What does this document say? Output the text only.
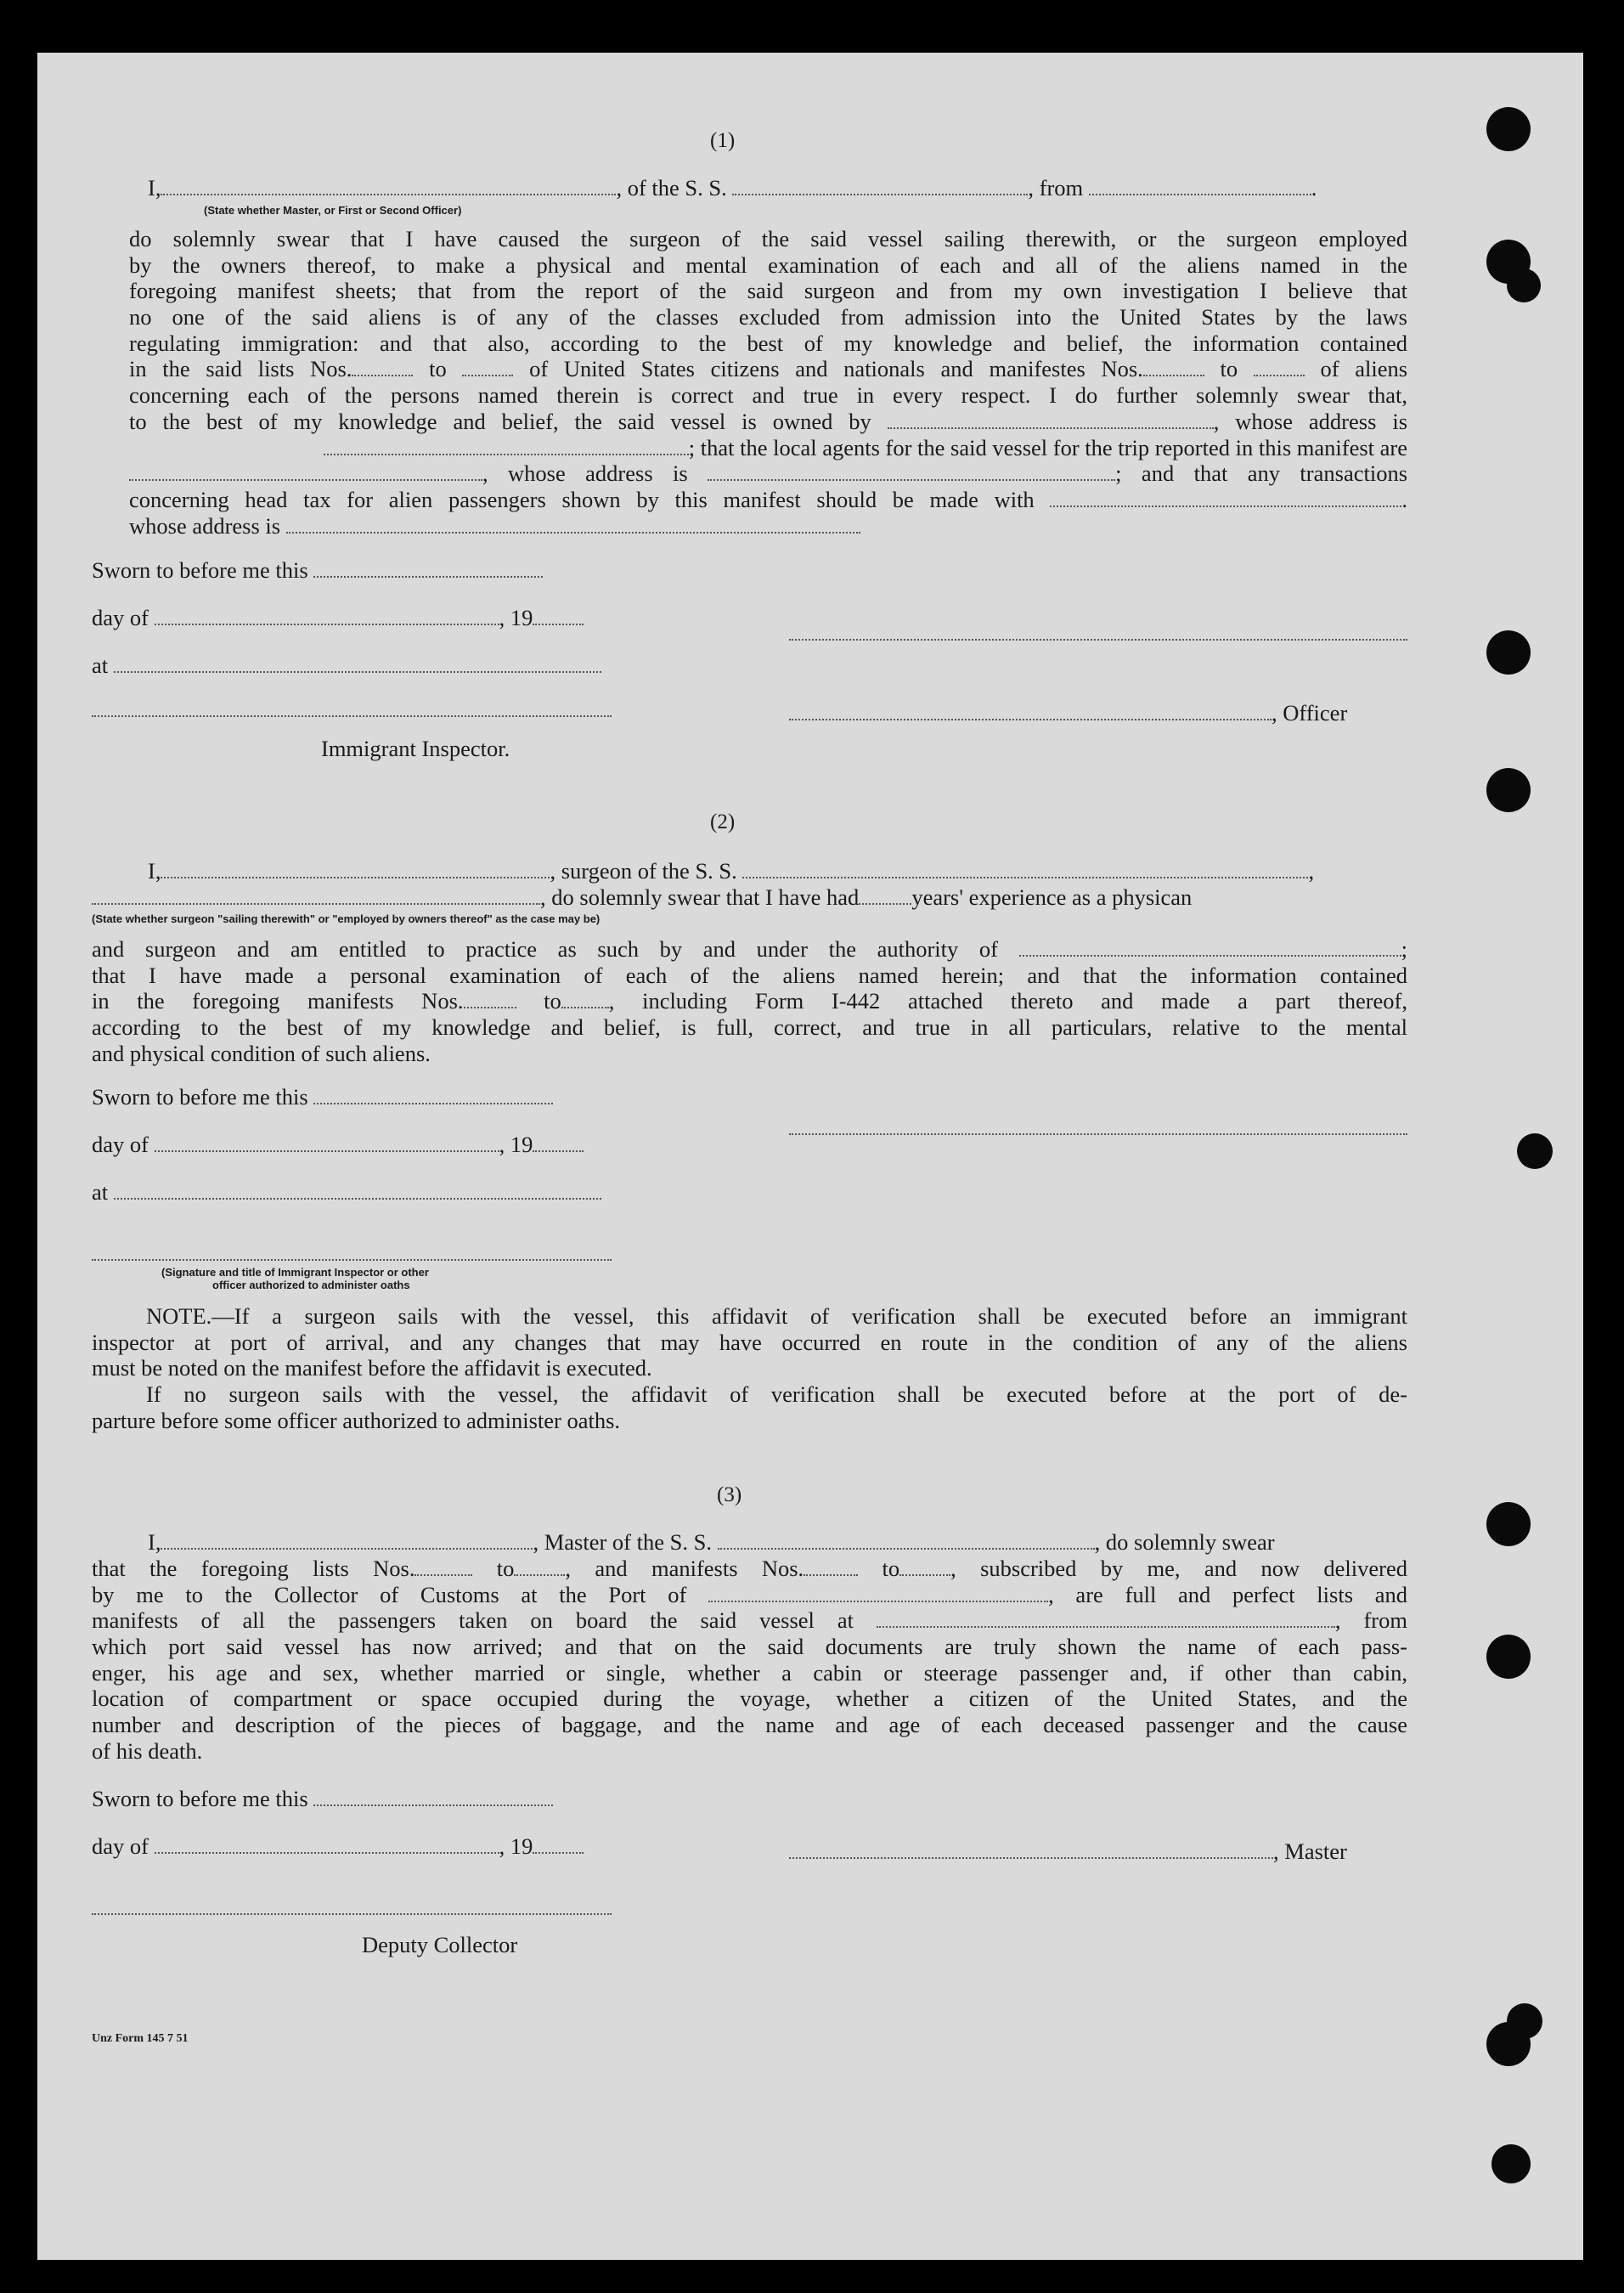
(1)
I,	, of the S. S.	, from	.
(State whether Master, or First or Second Officer)
do solemnly swear that I have caused the surgeon of the said vessel sailing therewith, or the surgeon employed
by the owners thereof, to make a physical and mental examination of each and all of the aliens named in the
foregoing manifest sheets; that from the report of the said surgeon and from my own investigation I believe that
no one of the said aliens is of any of the classes excluded from admission into the United States by the laws
regulating immigration: and that also, according to the best of my knowledge and belief, the information contained
in the said lists Nos.	to	of United States citizens and nationals and manifestes Nos.	to	of aliens
concerning each of the persons named therein is correct and true in every respect. I do further solemnly swear that,
to the best of my knowledge and belief, the said vessel is owned by	, whose address is
; that the local agents for the said vessel for the trip reported in this manifest are
, whose address is	; and that any transactions
concerning head tax for alien passengers shown by this manifest should be made with	.
whose address is
Sworn to before me this
day of	, 19
at
, Officer
Immigrant Inspector.
(2)
I,	, surgeon of the S. S.	,
, do solemnly swear that I have had years' experience as a physican
(State whether surgeon "sailing therewith" or "employed by owners thereof" as the case may be)
and surgeon and am entitled to practice as such by and under the authority of	;
that I have made a personal examination of each of the aliens named herein; and that the information contained
in the foregoing manifests Nos.	to , including Form I-442 attached thereto and made a part thereof,
according to the best of my knowledge and belief, is full, correct, and true in all particulars, relative to the mental
and physical condition of such aliens.
Sworn to before me this
day of	, 19
at
(Signature and title of Immigrant Inspector or other
officer authorized to administer oaths
NOTE.—If a surgeon sails with the vessel, this affidavit of verification shall be executed before an immigrant
inspector at port of arrival, and any changes that may have occurred en route in the condition of any of the aliens
must be noted on the manifest before the affidavit is executed.
If no surgeon sails with the vessel, the affidavit of verification shall be executed before at the port of de-
parture before some officer authorized to administer oaths.
(3)
I,	, Master of the S. S.	, do solemnly swear
that the foregoing lists Nos.	to , and manifests Nos.	to , subscribed by me, and now delivered
by me to the Collector of Customs at the Port of	, are full and perfect lists and
manifests of all the passengers taken on board the said vessel at	, from
which port said vessel has now arrived; and that on the said documents are truly shown the name of each pass-
enger, his age and sex, whether married or single, whether a cabin or steerage passenger and, if other than cabin,
location of compartment or space occupied during the voyage, whether a citizen of the United States, and the
number and description of the pieces of baggage, and the name and age of each deceased passenger and the cause
of his death.
Sworn to before me this
day of	, 19	, Master
Deputy Collector
Unz Form 145 7 51
